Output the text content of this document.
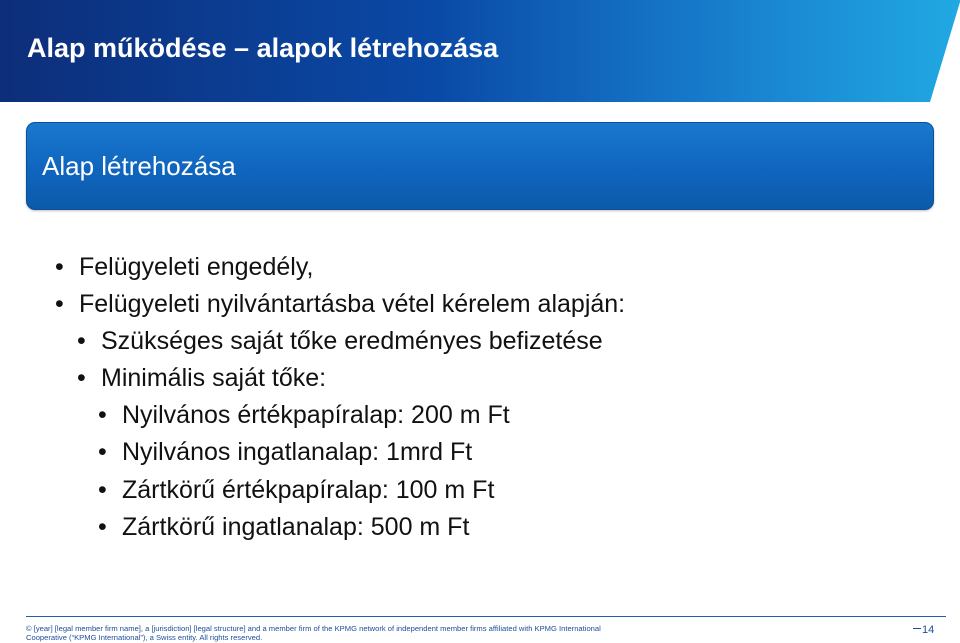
Alap működése – alapok létrehozása
Alap létrehozása
• Felügyeleti engedély,
• Felügyeleti nyilvántartásba vétel kérelem alapján:
• Szükséges saját tőke eredményes befizetése
• Minimális saját tőke:
• Nyilvános értékpapíralap: 200 m Ft
• Nyilvános ingatlanalap: 1mrd Ft
• Zártkörű értékpapíralap: 100 m Ft
• Zártkörű ingatlanalap: 500 m Ft
© [year] [legal member firm name], a [jurisdiction] [legal structure] and a member firm of the KPMG network of independent member firms affiliated with KPMG International
Cooperative (“KPMG International”), a Swiss entity. All rights reserved.
14
